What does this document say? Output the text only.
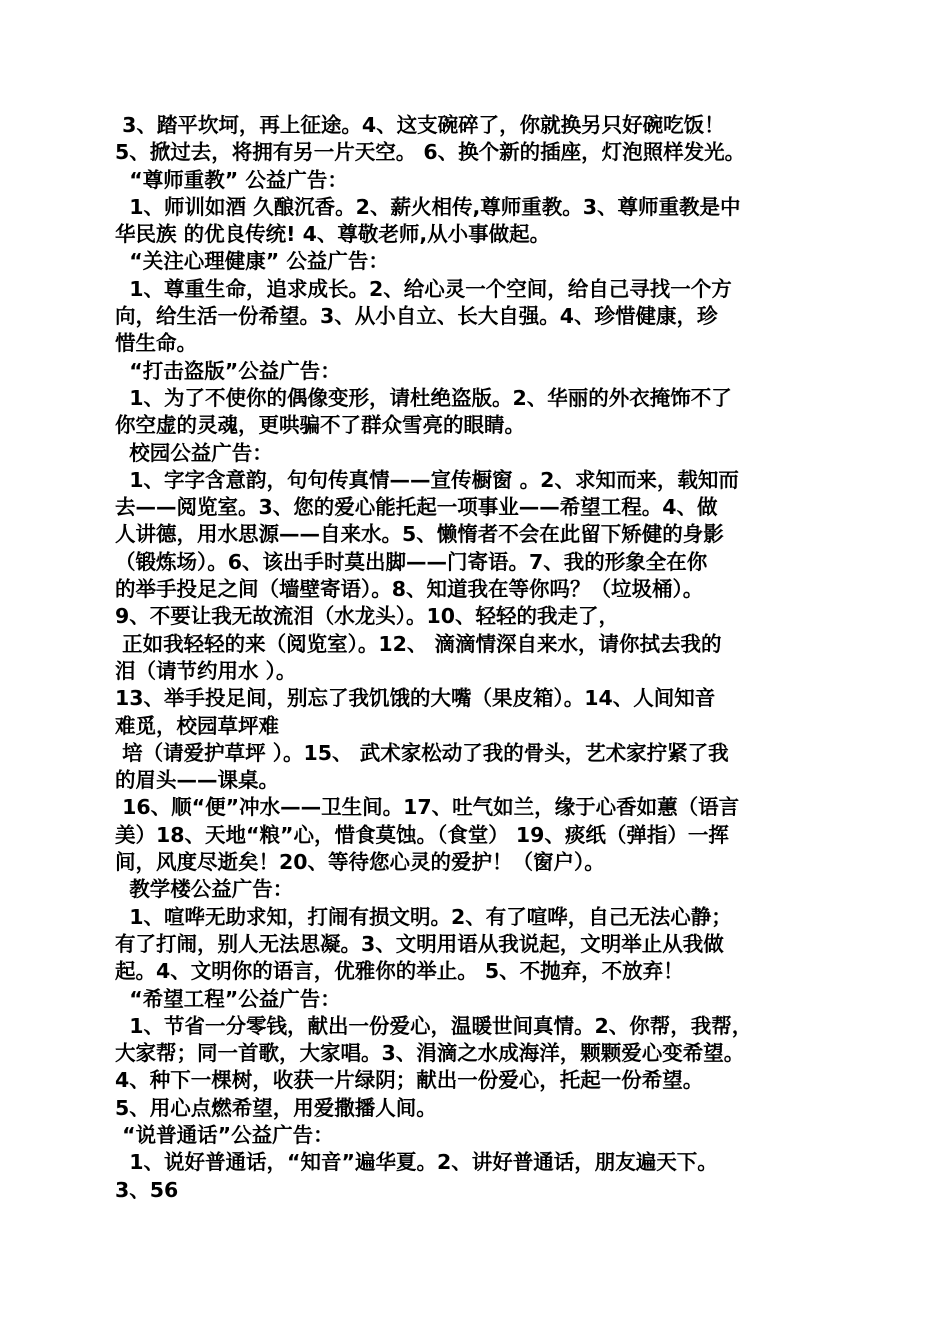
3、踏平坎坷，再上征途。4、这支碗碎了，你就换另只好碗吃饭！
5、掀过去，将拥有另一片天空。 6、换个新的插座，灯泡照样发光。
“尊师重教” 公益广告：
1、师训如酒 久酿沉香。2、薪火相传,尊师重教。3、尊师重教是中
华民族 的优良传统! 4、尊敬老师,从小事做起。
“关注心理健康” 公益广告：
1、尊重生命，追求成长。2、给心灵一个空间，给自己寻找一个方
向，给生活一份希望。3、从小自立、长大自强。4、珍惜健康，珍
惜生命。
“打击盗版”公益广告：
1、为了不使你的偶像变形，请杜绝盗版。2、华丽的外衣掩饰不了
你空虚的灵魂，更哄骗不了群众雪亮的眼睛。
校园公益广告：
1、字字含意韵，句句传真情——宣传橱窗 。2、求知而来，载知而
去——阅览室。3、您的爱心能托起一项事业——希望工程。4、做
人讲德，用水思源——自来水。5、懒惰者不会在此留下矫健的身影
（锻炼场）。6、该出手时莫出脚——门寄语。7、我的形象全在你
的举手投足之间（墙壁寄语）。8、知道我在等你吗？（垃圾桶）。
9、不要让我无故流泪（水龙头）。10、轻轻的我走了，
正如我轻轻的来（阅览室）。12、 滴滴情深自来水，请你拭去我的
泪（请节约用水 ）。
13、举手投足间，别忘了我饥饿的大嘴（果皮箱）。14、人间知音
难觅，校园草坪难
培（请爱护草坪 ）。15、 武术家松动了我的骨头，艺术家拧紧了我
的眉头——课桌。
16、顺“便”冲水——卫生间。17、吐气如兰，缘于心香如蕙（语言
美）18、天地“粮”心，惜食莫蚀。（食堂） 19、痰纸（弹指）一挥
间，风度尽逝矣！20、等待您心灵的爱护！（窗户）。
教学楼公益广告：
1、喧哗无助求知，打闹有损文明。2、有了喧哗，自己无法心静；
有了打闹，别人无法思凝。3、文明用语从我说起，文明举止从我做
起。4、文明你的语言，优雅你的举止。 5、不抛弃，不放弃！
“希望工程”公益广告：
1、节省一分零钱，献出一份爱心，温暖世间真情。2、你帮，我帮，
大家帮；同一首歌，大家唱。3、涓滴之水成海洋，颗颗爱心变希望。
4、种下一棵树，收获一片绿阴；献出一份爱心，托起一份希望。
5、用心点燃希望，用爱撒播人间。
“说普通话”公益广告：
1、说好普通话，“知音”遍华夏。2、讲好普通话，朋友遍天下。
3、56
